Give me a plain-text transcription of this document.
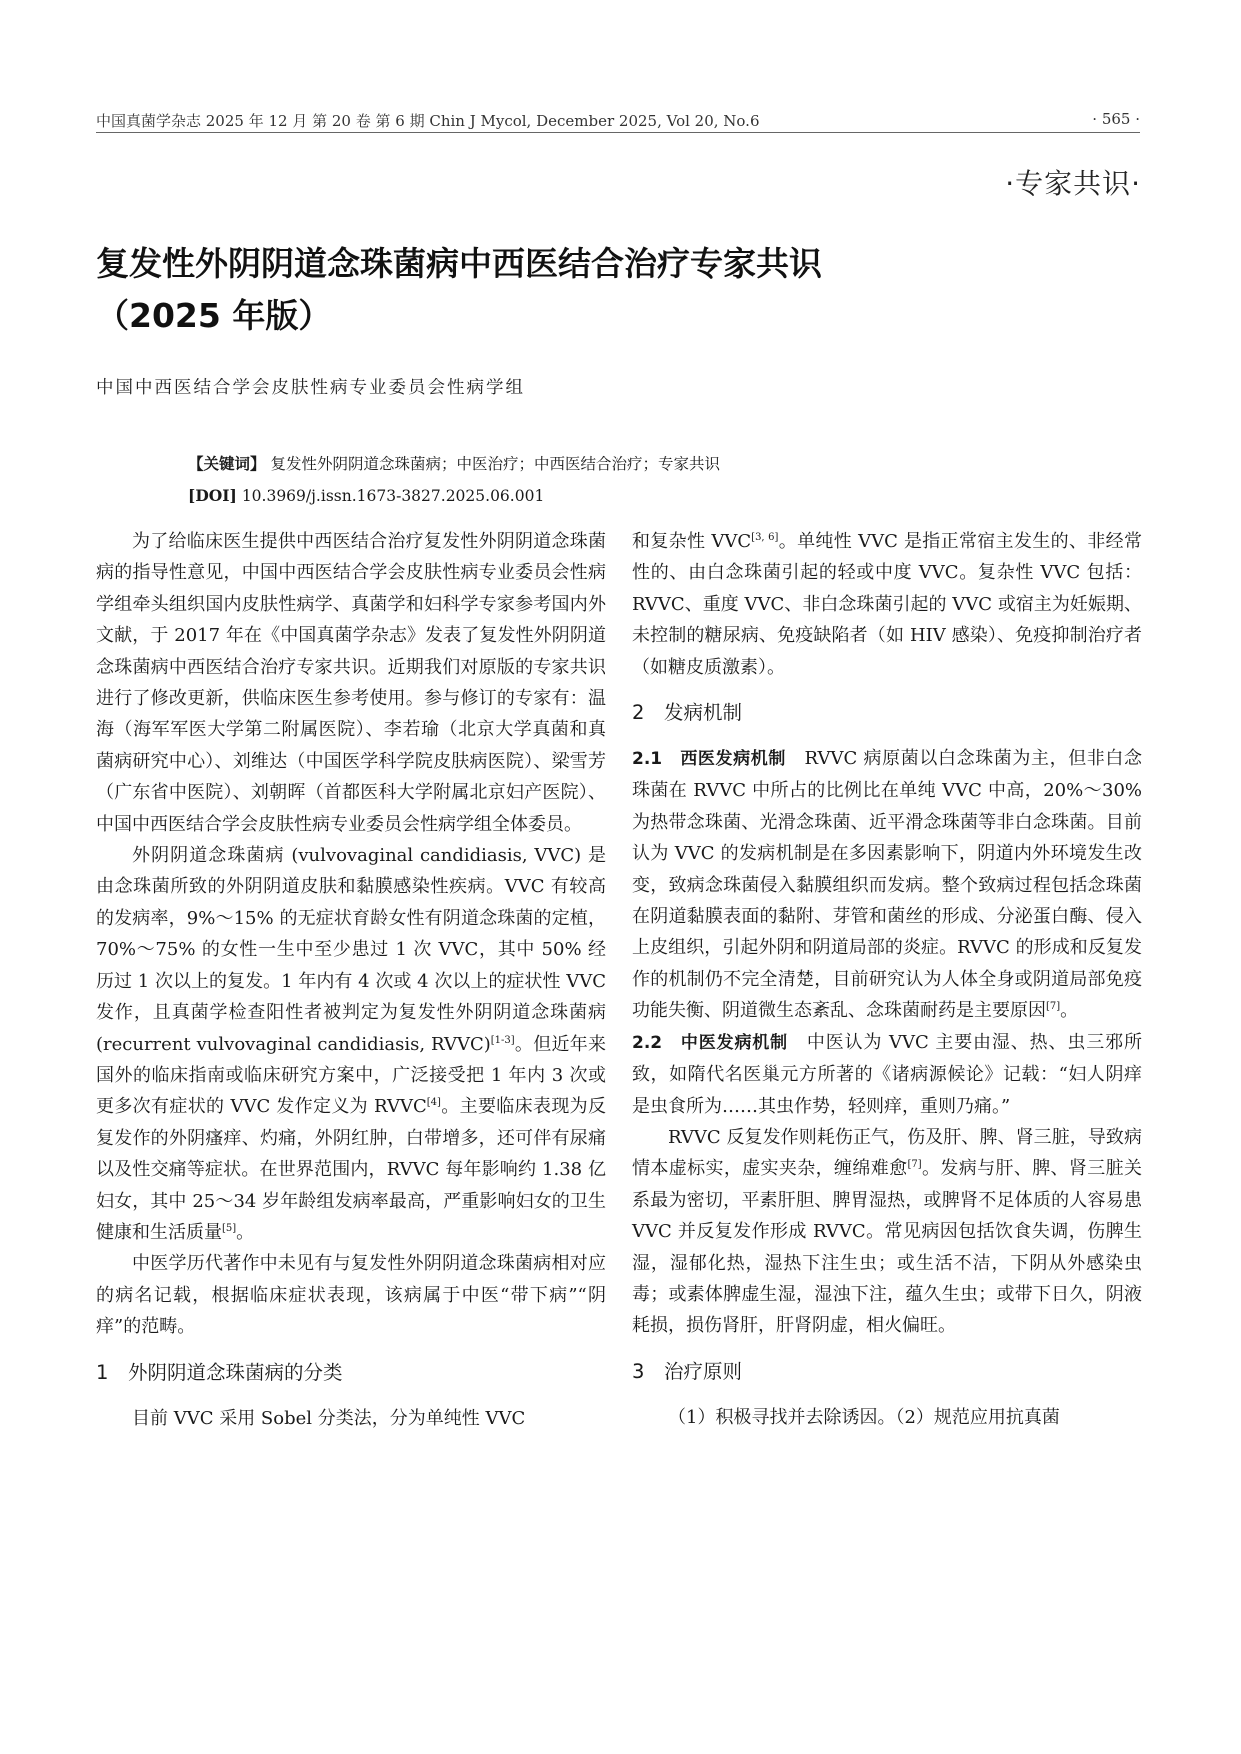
中国真菌学杂志 2025 年 12 月 第 20 卷 第 6 期 Chin J Mycol, December 2025, Vol 20, No.6	· 565 ·
·专家共识·
复发性外阴阴道念珠菌病中西医结合治疗专家共识
（2025 年版）
中国中西医结合学会皮肤性病专业委员会性病学组
【关键词】 复发性外阴阴道念珠菌病；中医治疗；中西医结合治疗；专家共识
[DOI] 10.3969/j.issn.1673-3827.2025.06.001

为了给临床医生提供中西医结合治疗复发性外阴阴道念珠菌病的指导性意见，中国中西医结合学会皮肤性病专业委员会性病学组牵头组织国内皮肤性病学、真菌学和妇科学专家参考国内外文献，于 2017 年在《中国真菌学杂志》发表了复发性外阴阴道念珠菌病中西医结合治疗专家共识。近期我们对原版的专家共识进行了修改更新，供临床医生参考使用。参与修订的专家有：温海（海军军医大学第二附属医院）、李若瑜（北京大学真菌和真菌病研究中心）、刘维达（中国医学科学院皮肤病医院）、梁雪芳（广东省中医院）、刘朝晖（首都医科大学附属北京妇产医院）、中国中西医结合学会皮肤性病专业委员会性病学组全体委员。

外阴阴道念珠菌病 (vulvovaginal candidiasis, VVC) 是由念珠菌所致的外阴阴道皮肤和黏膜感染性疾病。VVC 有较高的发病率，9%～15% 的无症状育龄女性有阴道念珠菌的定植，70%～75% 的女性一生中至少患过 1 次 VVC，其中 50% 经历过 1 次以上的复发。1 年内有 4 次或 4 次以上的症状性 VVC 发作，且真菌学检查阳性者被判定为复发性外阴阴道念珠菌病 (recurrent vulvovaginal candidiasis, RVVC)[1-3]。但近年来国外的临床指南或临床研究方案中，广泛接受把 1 年内 3 次或更多次有症状的 VVC 发作定义为 RVVC[4]。主要临床表现为反复发作的外阴瘙痒、灼痛，外阴红肿，白带增多，还可伴有尿痛以及性交痛等症状。在世界范围内，RVVC 每年影响约 1.38 亿妇女，其中 25～34 岁年龄组发病率最高，严重影响妇女的卫生健康和生活质量[5]。

中医学历代著作中未见有与复发性外阴阴道念珠菌病相对应的病名记载，根据临床症状表现，该病属于中医“带下病”“阴痒”的范畴。

1 外阴阴道念珠菌病的分类

目前 VVC 采用 Sobel 分类法，分为单纯性 VVC

和复杂性 VVC[3, 6]。单纯性 VVC 是指正常宿主发生的、非经常性的、由白念珠菌引起的轻或中度 VVC。复杂性 VVC 包括：RVVC、重度 VVC、非白念珠菌引起的 VVC 或宿主为妊娠期、未控制的糖尿病、免疫缺陷者（如 HIV 感染）、免疫抑制治疗者（如糖皮质激素）。

2 发病机制

2.1　西医发病机制　RVVC 病原菌以白念珠菌为主，但非白念珠菌在 RVVC 中所占的比例比在单纯 VVC 中高，20%～30% 为热带念珠菌、光滑念珠菌、近平滑念珠菌等非白念珠菌。目前认为 VVC 的发病机制是在多因素影响下，阴道内外环境发生改变，致病念珠菌侵入黏膜组织而发病。整个致病过程包括念珠菌在阴道黏膜表面的黏附、芽管和菌丝的形成、分泌蛋白酶、侵入上皮组织，引起外阴和阴道局部的炎症。RVVC 的形成和反复发作的机制仍不完全清楚，目前研究认为人体全身或阴道局部免疫功能失衡、阴道微生态紊乱、念珠菌耐药是主要原因[7]。

2.2　中医发病机制　中医认为 VVC 主要由湿、热、虫三邪所致，如隋代名医巢元方所著的《诸病源候论》记载：“妇人阴痒是虫食所为……其虫作势，轻则痒，重则乃痛。”

RVVC 反复发作则耗伤正气，伤及肝、脾、肾三脏，导致病情本虚标实，虚实夹杂，缠绵难愈[7]。发病与肝、脾、肾三脏关系最为密切，平素肝胆、脾胃湿热，或脾肾不足体质的人容易患 VVC 并反复发作形成 RVVC。常见病因包括饮食失调，伤脾生湿，湿郁化热，湿热下注生虫；或生活不洁，下阴从外感染虫毒；或素体脾虚生湿，湿浊下注，蕴久生虫；或带下日久，阴液耗损，损伤肾肝，肝肾阴虚，相火偏旺。

3 治疗原则

（1）积极寻找并去除诱因。（2）规范应用抗真菌
